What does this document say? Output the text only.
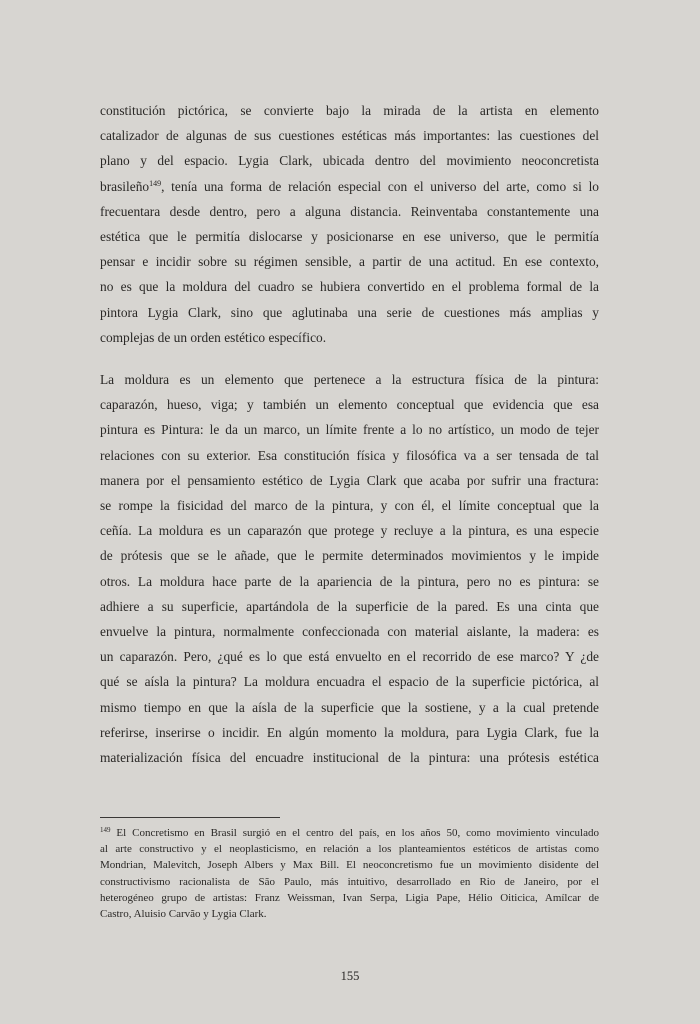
constitución pictórica, se convierte bajo la mirada de la artista en elemento
catalizador de algunas de sus cuestiones estéticas más importantes: las cuestiones del
plano y del espacio. Lygia Clark, ubicada dentro del movimiento neoconcretista
brasileño$^{149}$, tenía una forma de relación especial con el universo del arte, como si lo
frecuentara desde dentro, pero a alguna distancia. Reinventaba constantemente una
estética que le permitía dislocarse y posicionarse en ese universo, que le permitía
pensar e incidir sobre su régimen sensible, a partir de una actitud. En ese contexto,
no es que la moldura del cuadro se hubiera convertido en el problema formal de la
pintora Lygia Clark, sino que aglutinaba una serie de cuestiones más amplias y
complejas de un orden estético específico.

La moldura es un elemento que pertenece a la estructura física de la pintura:
caparazón, hueso, viga; y también un elemento conceptual que evidencia que esa
pintura es Pintura: le da un marco, un límite frente a lo no artístico, un modo de tejer
relaciones con su exterior. Esa constitución física y filosófica va a ser tensada de tal
manera por el pensamiento estético de Lygia Clark que acaba por sufrir una fractura:
se rompe la fisicidad del marco de la pintura, y con él, el límite conceptual que la
ceñía. La moldura es un caparazón que protege y recluye a la pintura, es una especie
de prótesis que se le añade, que le permite determinados movimientos y le impide
otros. La moldura hace parte de la apariencia de la pintura, pero no es pintura: se
adhiere a su superficie, apartándola de la superficie de la pared. Es una cinta que
envuelve la pintura, normalmente confeccionada con material aislante, la madera: es
un caparazón. Pero, ¿qué es lo que está envuelto en el recorrido de ese marco? Y ¿de
qué se aísla la pintura? La moldura encuadra el espacio de la superficie pictórica, al
mismo tiempo en que la aísla de la superficie que la sostiene, y a la cual pretende
referirse, inserirse o incidir. En algún momento la moldura, para Lygia Clark, fue la
materialización física del encuadre institucional de la pintura: una prótesis estética

$^{149}$ El Concretismo en Brasil surgió en el centro del país, en los años 50, como movimiento vinculado
al arte constructivo y el neoplasticismo, en relación a los planteamientos estéticos de artistas como
Mondrian, Malevitch, Joseph Albers y Max Bill. El neoconcretismo fue un movimiento disidente del
constructivismo racionalista de São Paulo, más intuitivo, desarrollado en Rio de Janeiro, por el
heterogéneo grupo de artistas: Franz Weissman, Ivan Serpa, Ligia Pape, Hélio Oiticica, Amílcar de
Castro, Aluisio Carvão y Lygia Clark.

155
